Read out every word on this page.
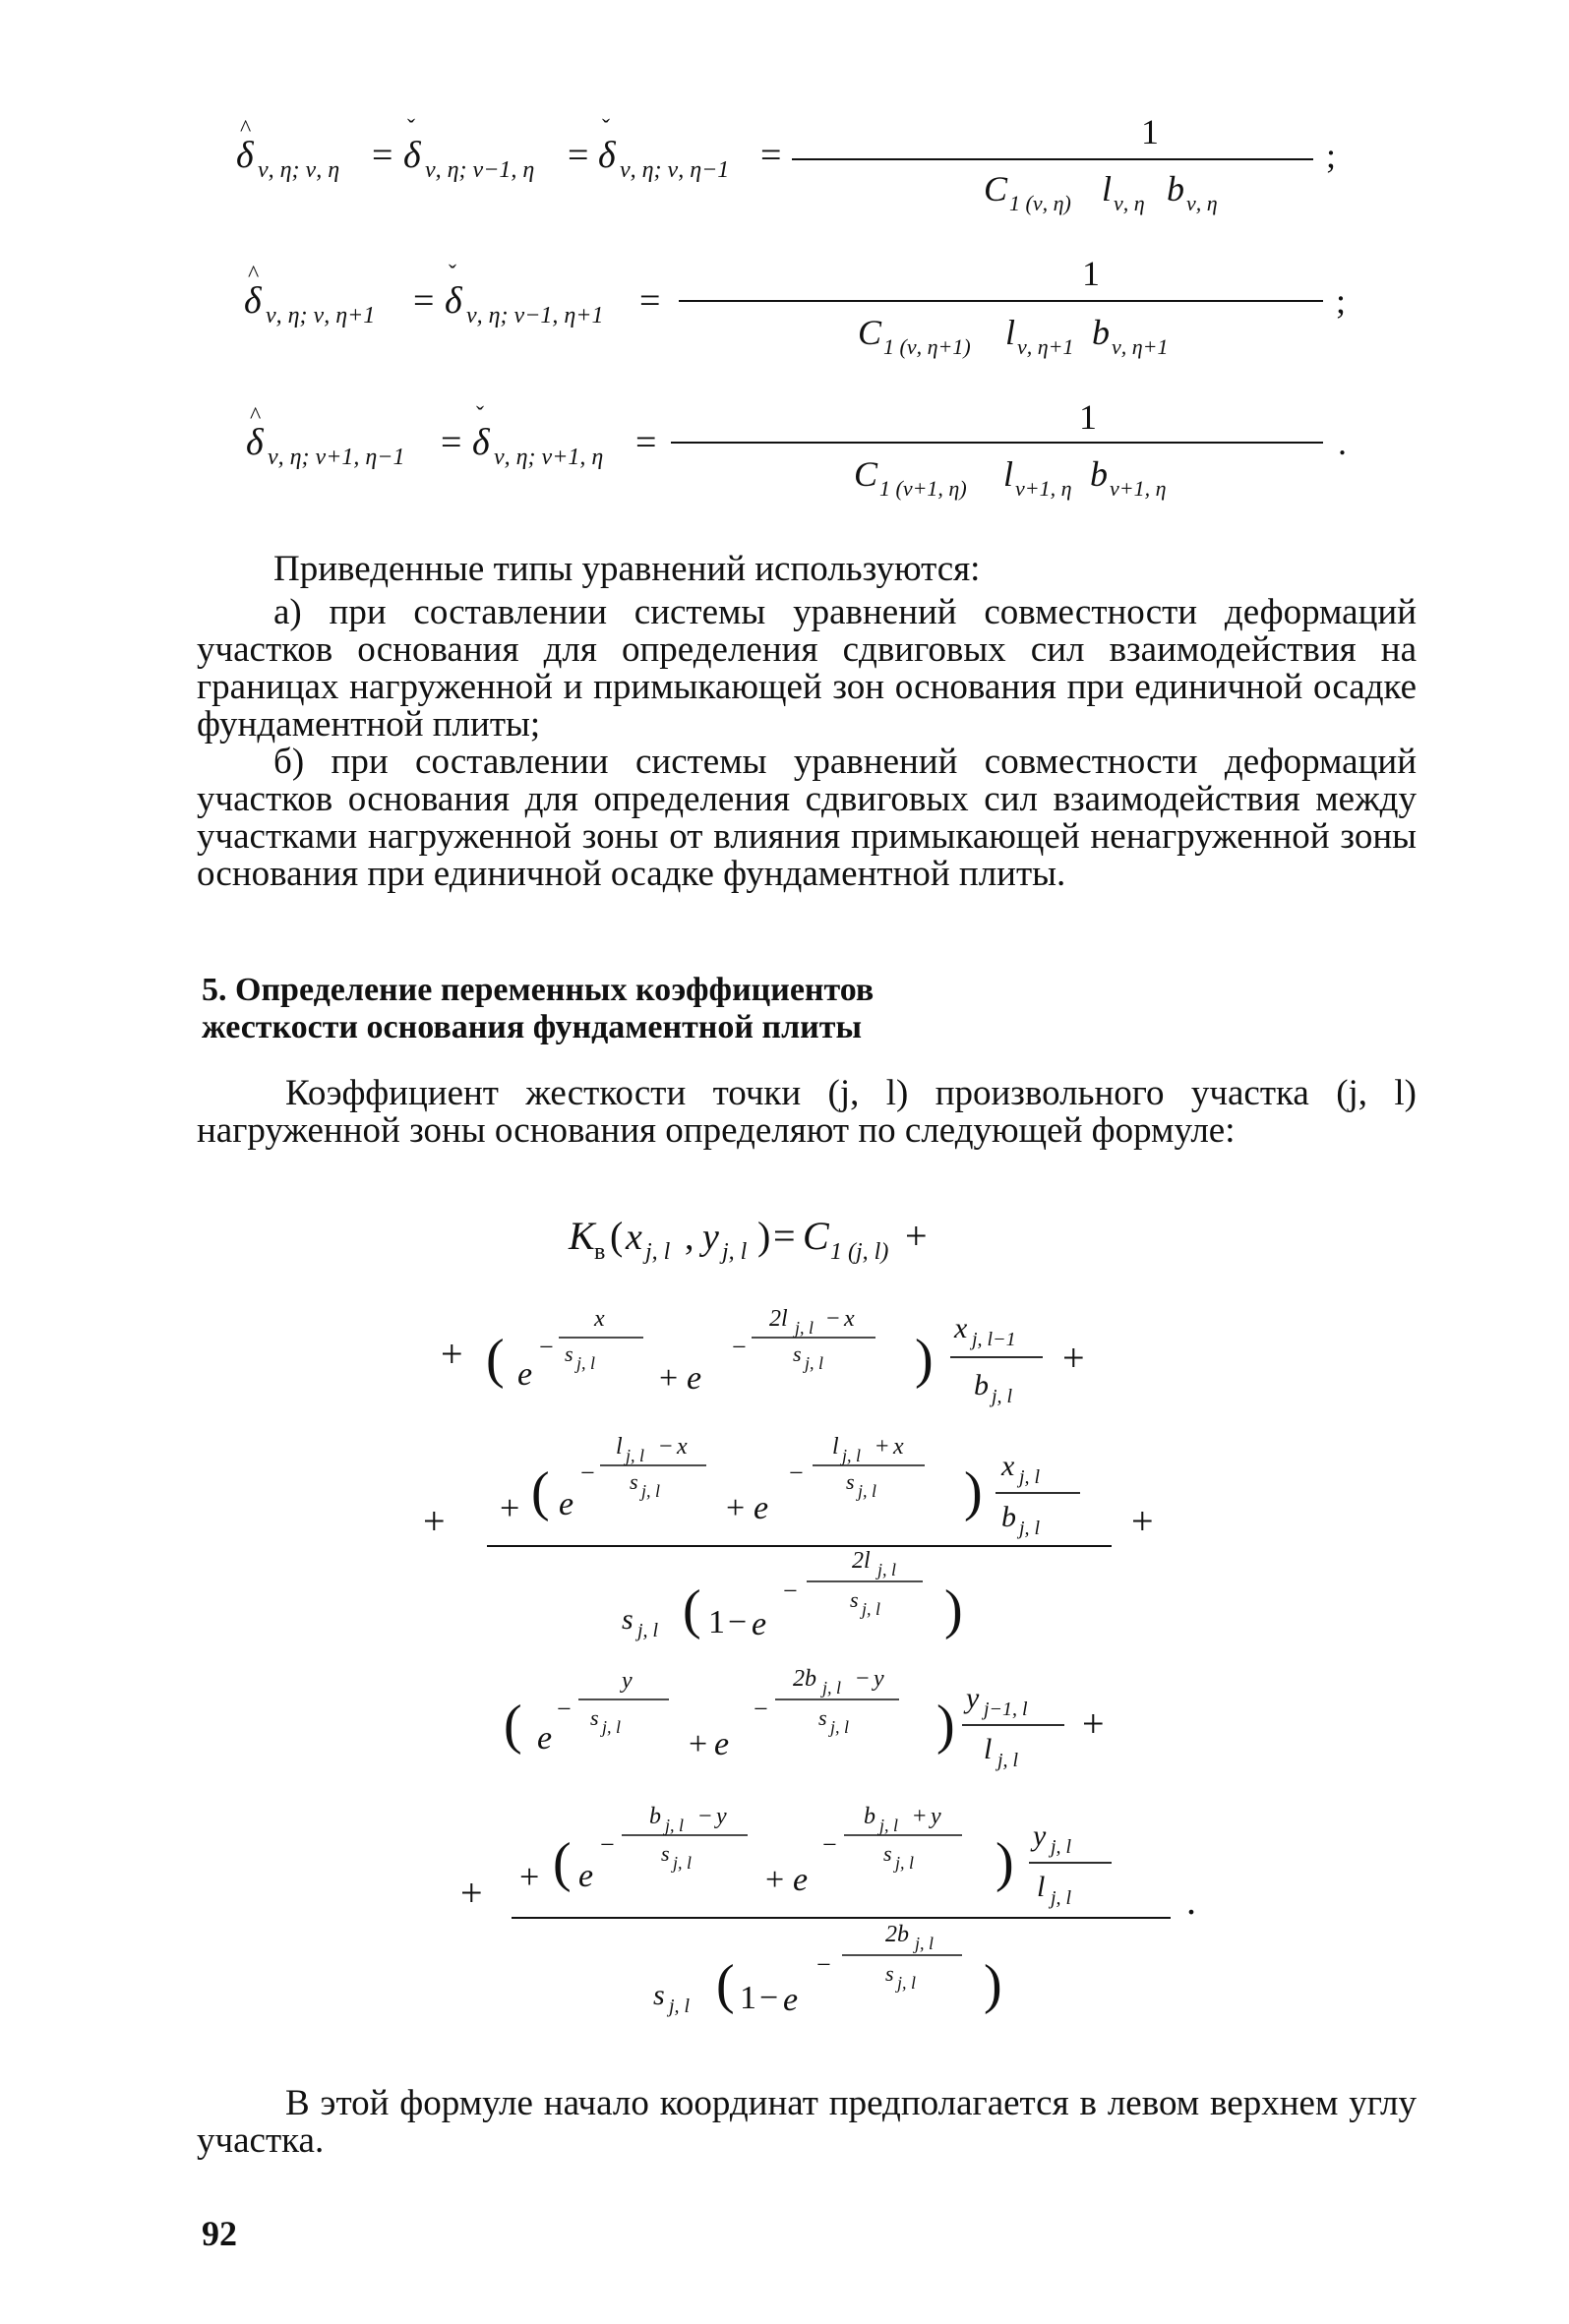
δ
^
ν, η; ν, η = δ
ˇ
ν, η; ν−1, η = δ
ˇ
ν, η; ν, η−1 =
1
C 1 (ν, η) l ν, η b ν, η
;
δ
^
ν, η; ν, η+1 = δ
ˇ
ν, η; ν−1, η+1 =
1
C 1 (ν, η+1) l ν, η+1 b ν, η+1
;
δ
^
ν, η; ν+1, η−1 = δ
ˇ
ν, η; ν+1, η =
1
C 1 (ν+1, η) l ν+1, η b ν+1, η
.

Приведенные типы уравнений используются:

а) при составлении системы уравнений совместности деформаций участков основания для определения сдвиговых сил взаимодействия на границах нагруженной и примыкающей зон основания при единичной осадке фундаментной плиты;

б) при составлении системы уравнений совместности деформаций участков основания для определения сдвиговых сил взаимодействия между участками нагруженной зоны от влияния примыкающей ненагруженной зоны основания при единичной осадке фундаментной плиты.

5. Определение переменных коэффициентов
жесткости основания фундаментной плиты

Коэффициент жесткости точки (j, l) произвольного участка (j, l) нагруженной зоны основания определяют по следующей формуле:

K в ( x j, l , y j, l ) = C 1 (j, l) +
+ ( e
−
x
s j, l + e
−
2l j, l − x
s j, l )
x j, l−1
b j, l
+
+ + ( e
−
l j, l − x
s j, l + e
−
l j, l + x
s j, l ) x j, l
b j, l +
s j, l ( 1 − e
−
2l j, l
s j, l )
( e
−
y
s j, l + e
−
2b j, l − y
s j, l ) y j−1, l
l j, l
+
+ + ( e
−
b j, l − y
s j, l + e
−
b j, l + y
s j, l ) y j, l
l j, l	.
s j, l ( 1 − e
−
2b j, l
s j, l )

В этой формуле начало координат предполагается в левом верхнем углу участка.

92
